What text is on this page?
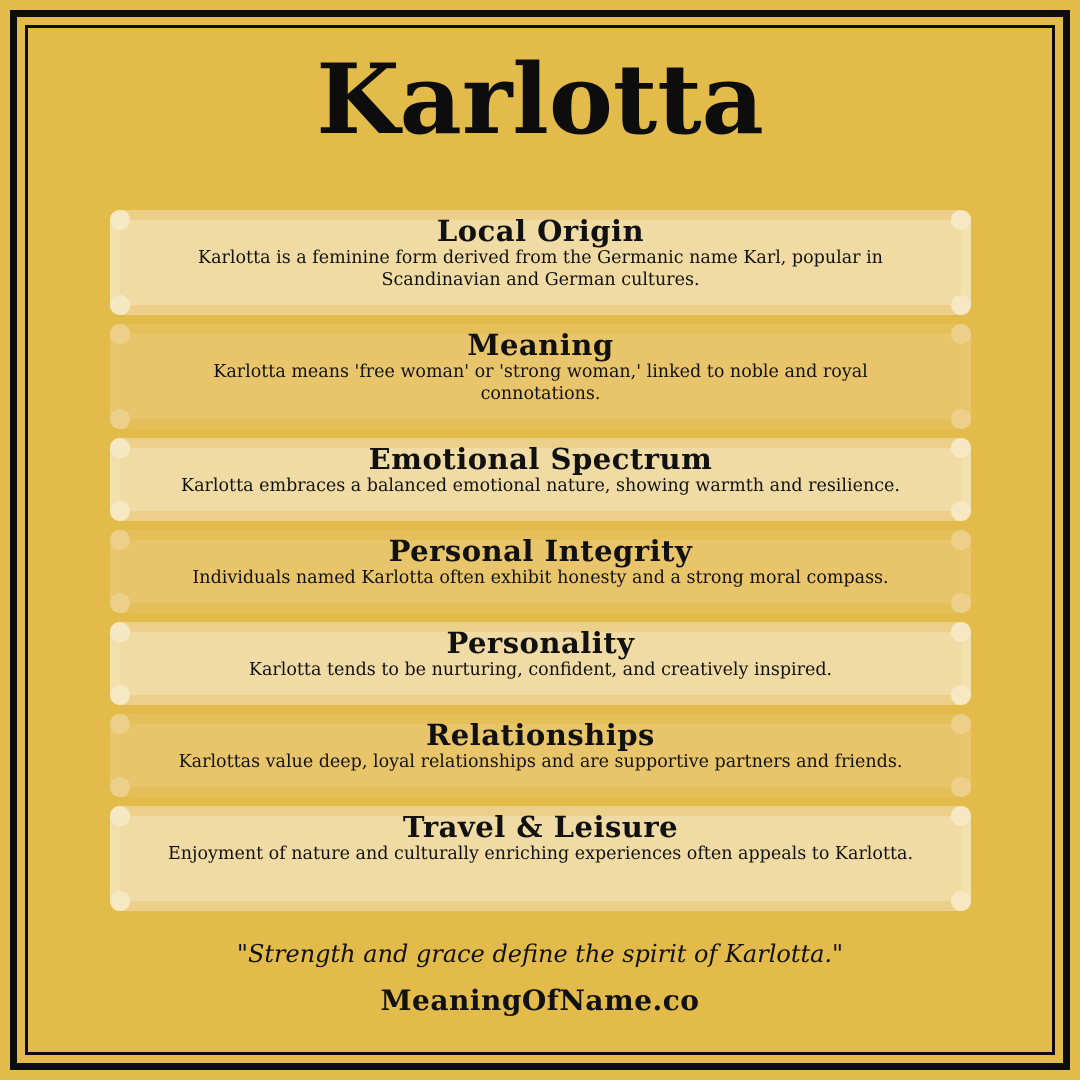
Karlotta
Local Origin

Karlotta is a feminine form derived from the Germanic name Karl, popular in Scandinavian and German cultures.

Meaning

Karlotta means 'free woman' or 'strong woman,' linked to noble and royal connotations.

Emotional Spectrum

Karlotta embraces a balanced emotional nature, showing warmth and resilience.

Personal Integrity

Individuals named Karlotta often exhibit honesty and a strong moral compass.

Personality

Karlotta tends to be nurturing, confident, and creatively inspired.

Relationships

Karlottas value deep, loyal relationships and are supportive partners and friends.

Travel & Leisure

Enjoyment of nature and culturally enriching experiences often appeals to Karlotta.

"Strength and grace define the spirit of Karlotta."
MeaningOfName.co
